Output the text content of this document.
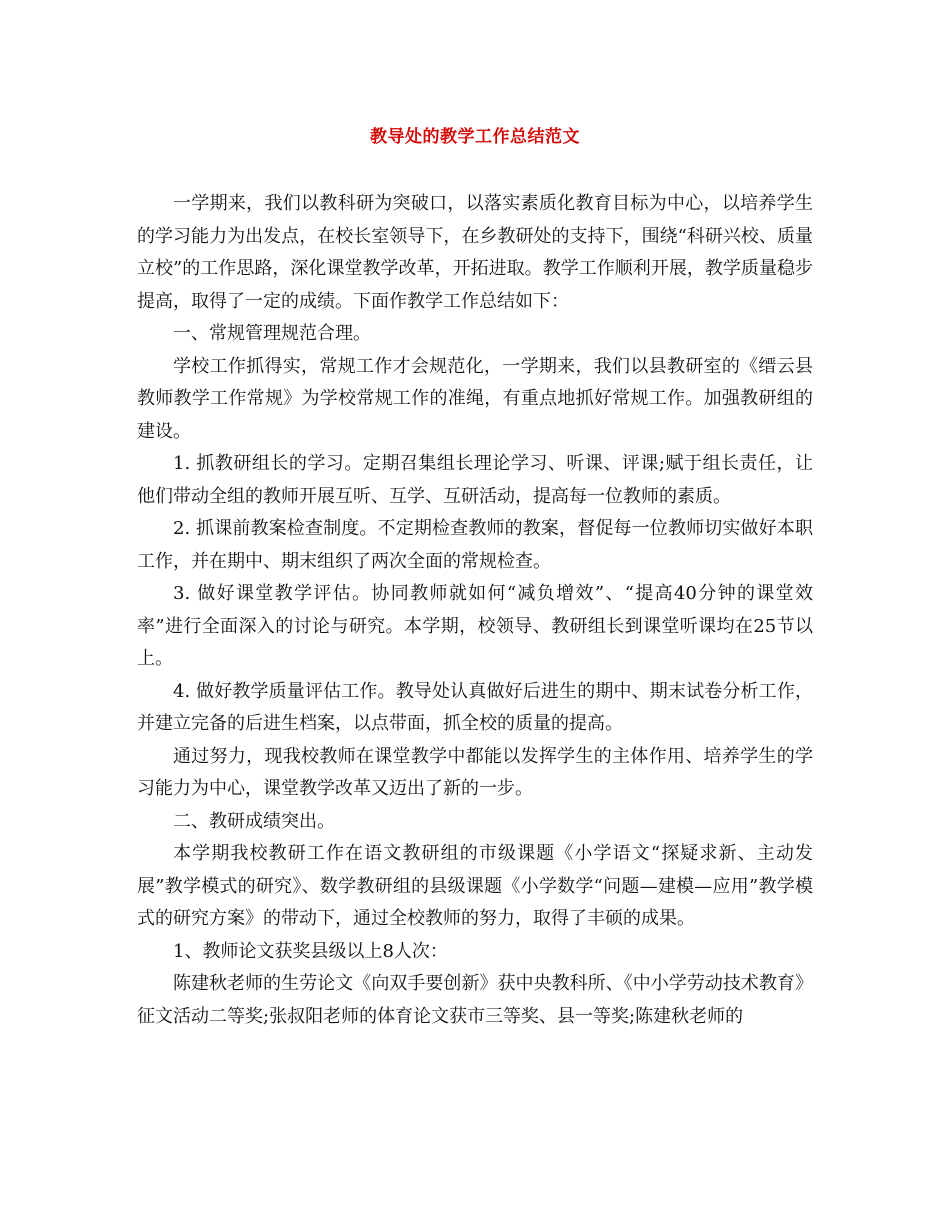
教导处的教学工作总结范文

一学期来，我们以教科研为突破口，以落实素质化教育目标为中心，以培养学生的学习能力为出发点，在校长室领导下，在乡教研处的支持下，围绕“科研兴校、质量立校”的工作思路，深化课堂教学改革，开拓进取。教学工作顺利开展，教学质量稳步提高，取得了一定的成绩。下面作教学工作总结如下：

一、常规管理规范合理。

学校工作抓得实，常规工作才会规范化，一学期来，我们以县教研室的《缙云县教师教学工作常规》为学校常规工作的准绳，有重点地抓好常规工作。加强教研组的建设。

1. 抓教研组长的学习。定期召集组长理论学习、听课、评课;赋于组长责任，让他们带动全组的教师开展互听、互学、互研活动，提高每一位教师的素质。

2. 抓课前教案检查制度。不定期检查教师的教案，督促每一位教师切实做好本职工作，并在期中、期末组织了两次全面的常规检查。

3. 做好课堂教学评估。协同教师就如何“减负增效”、“提高40分钟的课堂效率”进行全面深入的讨论与研究。本学期，校领导、教研组长到课堂听课均在25节以上。

4. 做好教学质量评估工作。教导处认真做好后进生的期中、期末试卷分析工作，并建立完备的后进生档案，以点带面，抓全校的质量的提高。

通过努力，现我校教师在课堂教学中都能以发挥学生的主体作用、培养学生的学习能力为中心，课堂教学改革又迈出了新的一步。

二、教研成绩突出。

本学期我校教研工作在语文教研组的市级课题《小学语文“探疑求新、主动发展”教学模式的研究》、数学教研组的县级课题《小学数学“问题—建模—应用”教学模式的研究方案》的带动下，通过全校教师的努力，取得了丰硕的成果。

1、教师论文获奖县级以上8人次：

陈建秋老师的生劳论文《向双手要创新》获中央教科所、《中小学劳动技术教育》征文活动二等奖;张叔阳老师的体育论文获市三等奖、县一等奖;陈建秋老师的
